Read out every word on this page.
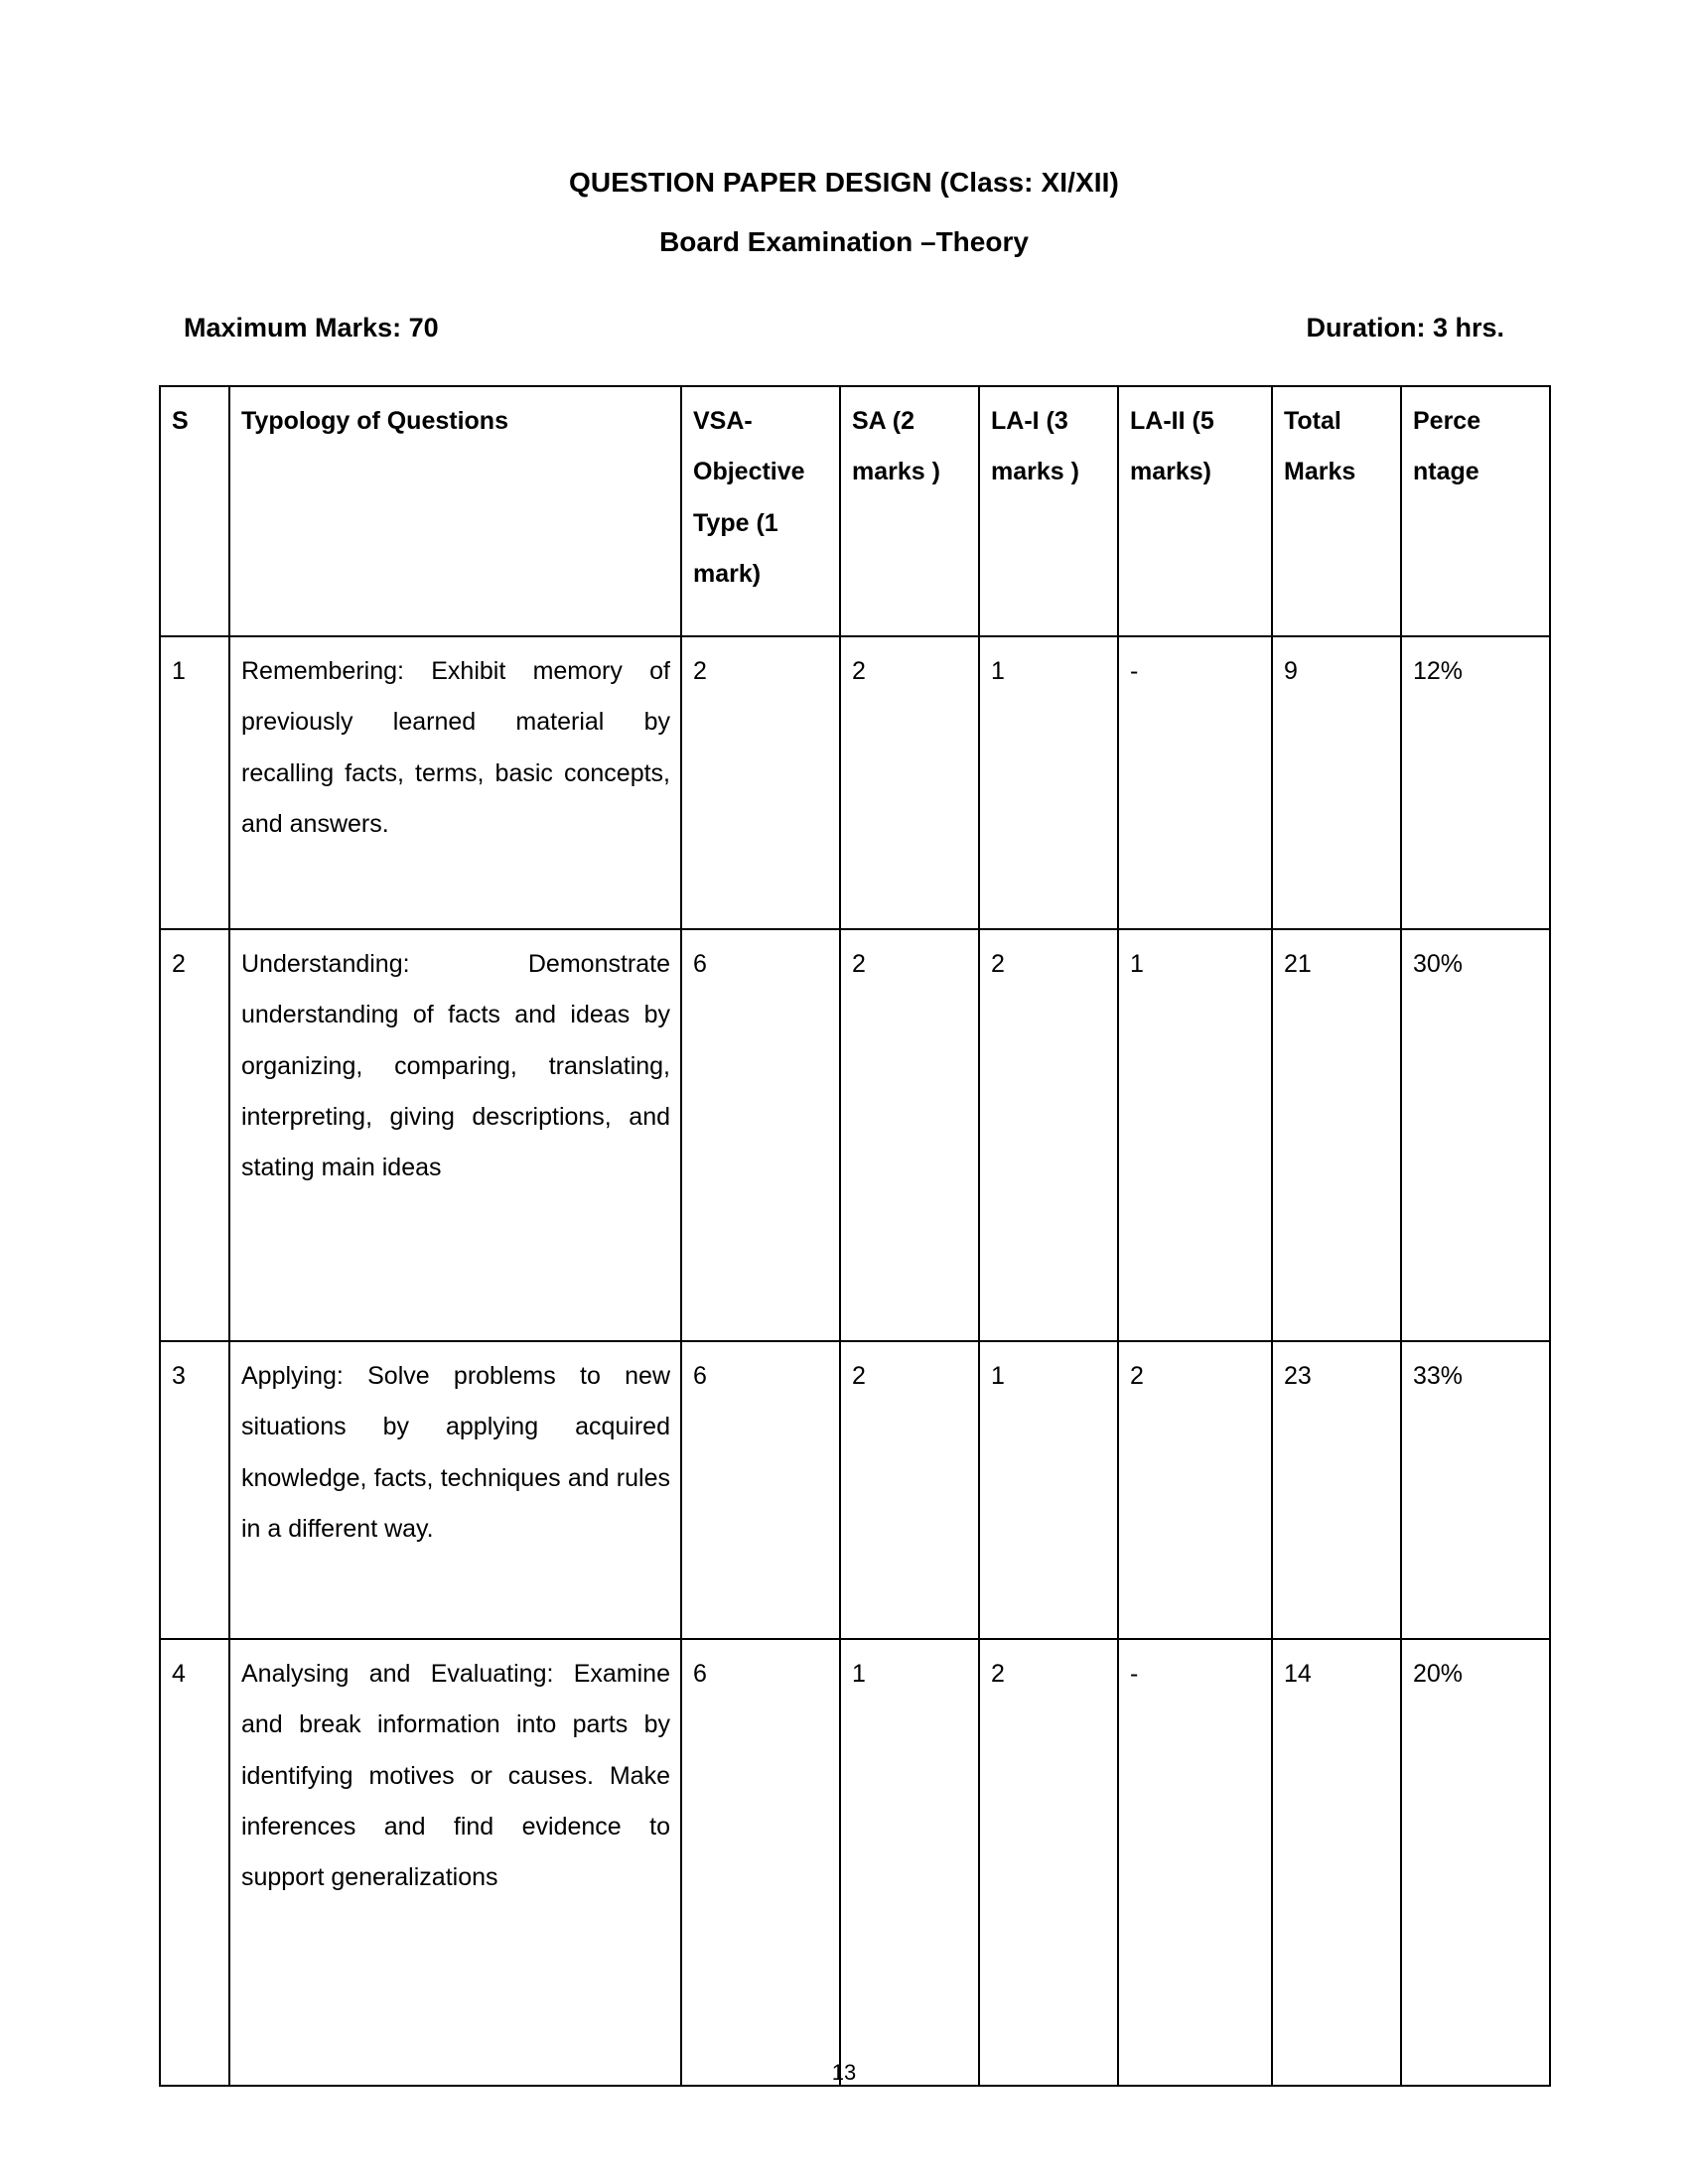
QUESTION PAPER DESIGN (Class: XI/XII)
Board Examination –Theory
Maximum Marks: 70	Duration: 3 hrs.
S	Typology of Questions	VSA-Objective Type (1 mark)	SA (2 marks )	LA-I (3 marks )	LA-II (5 marks)	Total Marks	Perce ntage
1	Remembering: Exhibit memory of previously learned material by recalling facts, terms, basic concepts, and answers.	2	2	1	-	9	12%
2	Understanding: Demonstrate understanding of facts and ideas by organizing, comparing, translating, interpreting, giving descriptions, and stating main ideas	6	2	2	1	21	30%
3	Applying: Solve problems to new situations by applying acquired knowledge, facts, techniques and rules in a different way.	6	2	1	2	23	33%
4	Analysing and Evaluating: Examine and break information into parts by identifying motives or causes. Make inferences and find evidence to support generalizations	6	1	2	-	14	20%
13
